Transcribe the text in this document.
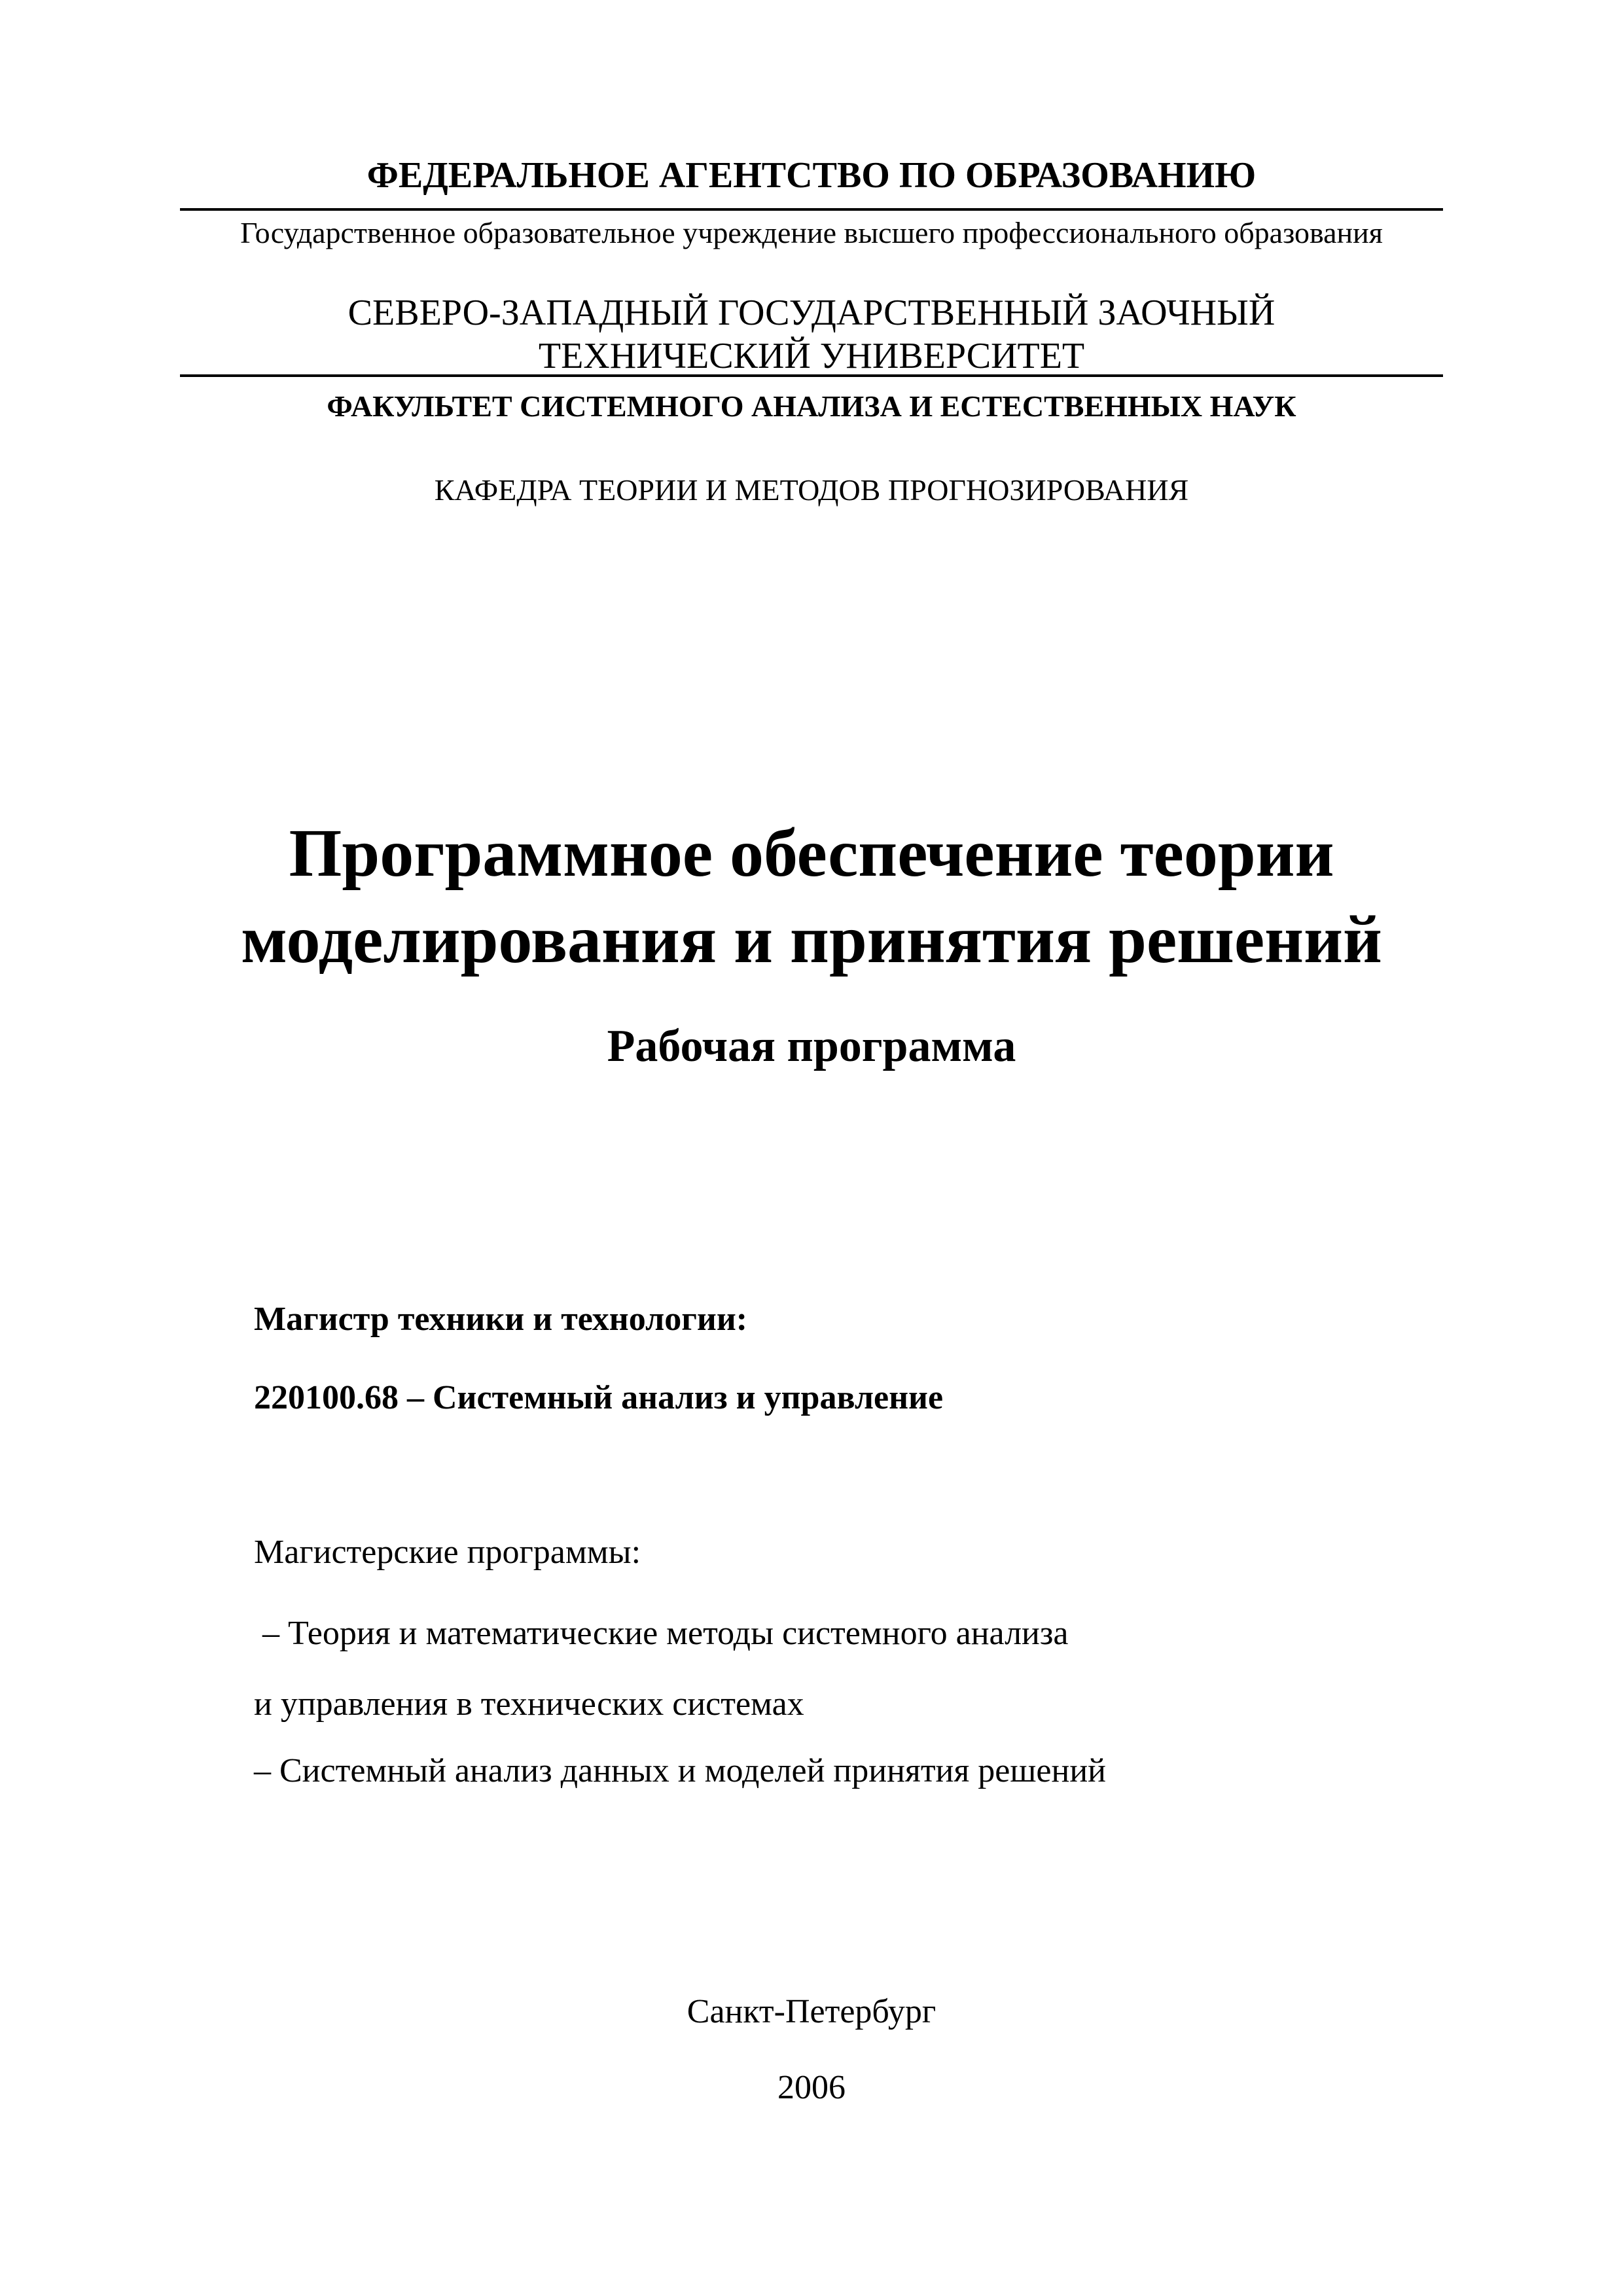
ФЕДЕРАЛЬНОЕ АГЕНТСТВО ПО ОБРАЗОВАНИЮ
Государственное образовательное учреждение высшего профессионального образования
СЕВЕРО-ЗАПАДНЫЙ ГОСУДАРСТВЕННЫЙ ЗАОЧНЫЙ
ТЕХНИЧЕСКИЙ УНИВЕРСИТЕТ
ФАКУЛЬТЕТ СИСТЕМНОГО АНАЛИЗА И ЕСТЕСТВЕННЫХ НАУК
КАФЕДРА ТЕОРИИ И МЕТОДОВ ПРОГНОЗИРОВАНИЯ
Программное обеспечение теории
моделирования и принятия решений
Рабочая программа
Магистр техники и технологии:
220100.68 – Системный анализ и управление
Магистерские программы:
– Теория и математические методы системного анализа
и управления в технических системах
– Системный анализ данных и моделей принятия решений
Санкт-Петербург
2006
